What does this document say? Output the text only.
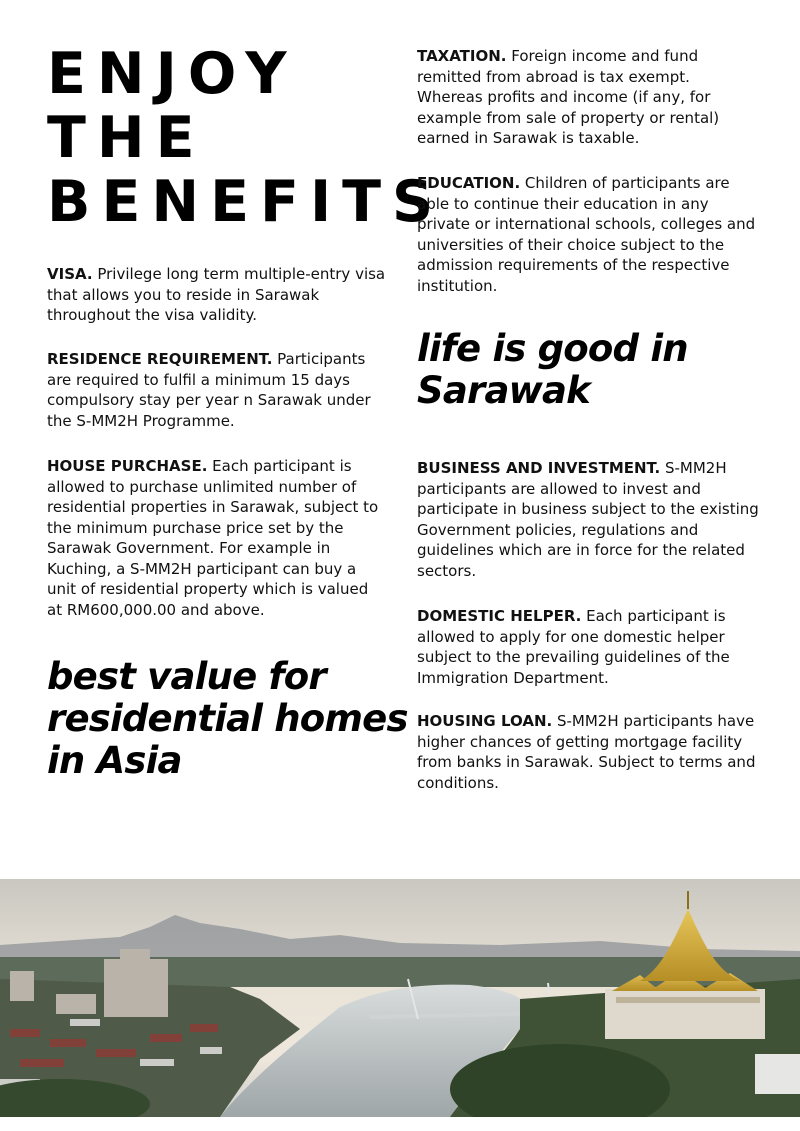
ENJOY
THE
BENEFITS

VISA. Privilege long term multiple-entry visa that allows you to reside in Sarawak throughout the visa validity.

RESIDENCE REQUIREMENT. Participants are required to fulfil a minimum 15 days compulsory stay per year n Sarawak under the S-MM2H Programme.

HOUSE PURCHASE. Each participant is allowed to purchase unlimited number of residential properties in Sarawak, subject to the minimum purchase price set by the Sarawak Government. For example in Kuching, a S-MM2H participant can buy a unit of residential property which is valued at RM600,000.00 and above.

best value for
residential homes
in Asia

TAXATION. Foreign income and fund remitted from abroad is tax exempt. Whereas profits and income (if any, for example from sale of property or rental) earned in Sarawak is taxable.

EDUCATION. Children of participants are able to continue their education in any private or international schools, colleges and universities of their choice subject to the admission requirements of the respective institution.

life is good in
Sarawak

BUSINESS AND INVESTMENT. S-MM2H participants are allowed to invest and participate in business subject to the existing Government policies, regulations and guidelines which are in force for the related sectors.

DOMESTIC HELPER. Each participant is allowed to apply for one domestic helper subject to the prevailing guidelines of the Immigration Department.

HOUSING LOAN. S-MM2H participants have higher chances of getting mortgage facility from banks in Sarawak. Subject to terms and conditions.
